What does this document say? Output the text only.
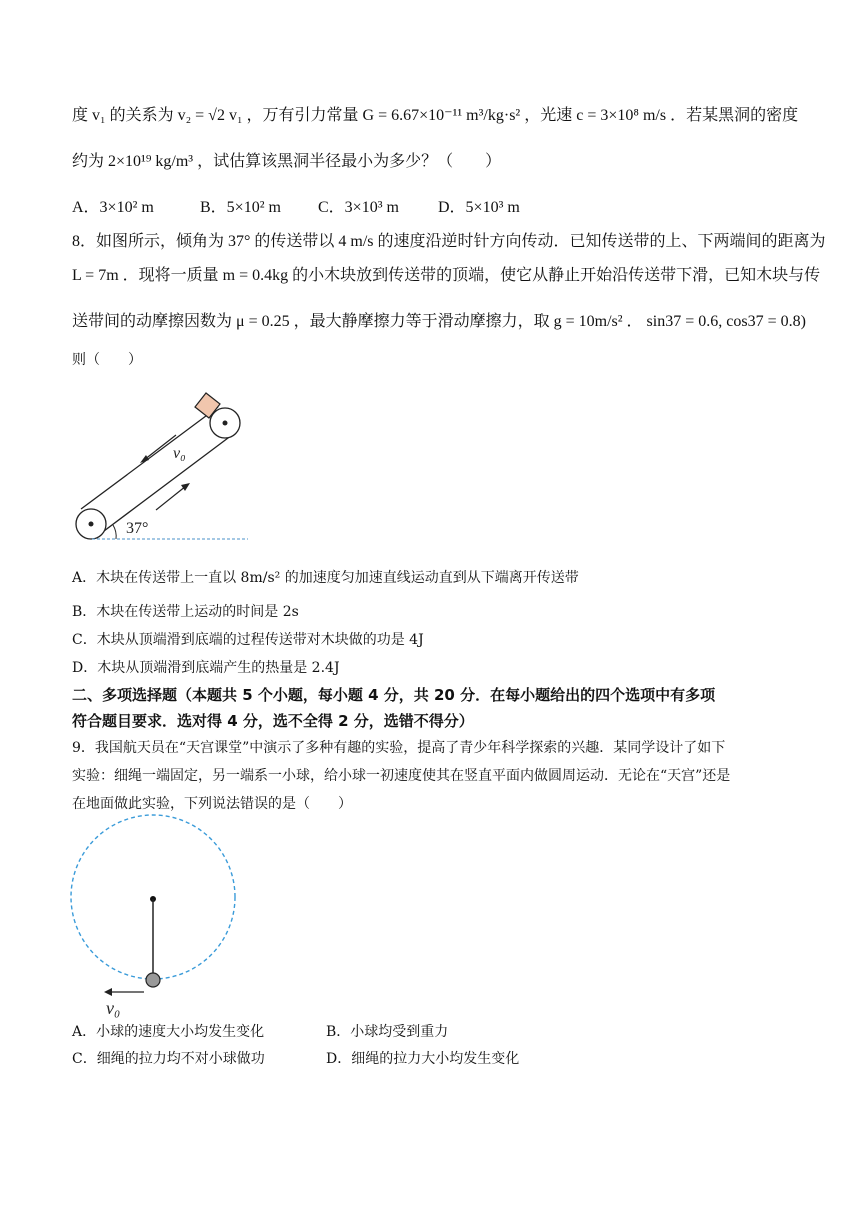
度 v₁ 的关系为 v₂ = √2 v₁ ，万有引力常量 G = 6.67×10⁻¹¹ m³/kg·s² ，光速 c = 3×10⁸ m/s ．若某黑洞的密度
约为 2×10¹⁹ kg/m³ ，试估算该黑洞半径最小为多少？（　　）
A．3×10² m	B．5×10² m C．3×10³ m D．5×10³ m
8．如图所示，倾角为 37° 的传送带以 4 m/s 的速度沿逆时针方向传动．已知传送带的上、下两端间的距离为
L = 7m ．现将一质量 m = 0.4kg 的小木块放到传送带的顶端，使它从静止开始沿传送带下滑，已知木块与传
送带间的动摩擦因数为 μ = 0.25 ，最大静摩擦力等于滑动摩擦力，取 g = 10m/s² ． sin37 = 0.6, cos37 = 0.8)
则（　　）
v₀
37°
A．木块在传送带上一直以 8m/s² 的加速度匀加速直线运动直到从下端离开传送带
B．木块在传送带上运动的时间是 2s
C．木块从顶端滑到底端的过程传送带对木块做的功是 4J
D．木块从顶端滑到底端产生的热量是 2.4J
二、多项选择题（本题共 5 个小题，每小题 4 分，共 20 分．在每小题给出的四个选项中有多项
符合题目要求．选对得 4 分，选不全得 2 分，选错不得分）
9．我国航天员在“天宫课堂”中演示了多种有趣的实验，提高了青少年科学探索的兴趣．某同学设计了如下
实验：细绳一端固定，另一端系一小球，给小球一初速度使其在竖直平面内做圆周运动．无论在“天宫”还是
在地面做此实验，下列说法错误的是（　　）
v₀
A．小球的速度大小均发生变化	B．小球均受到重力
C．细绳的拉力均不对小球做功	D．细绳的拉力大小均发生变化
